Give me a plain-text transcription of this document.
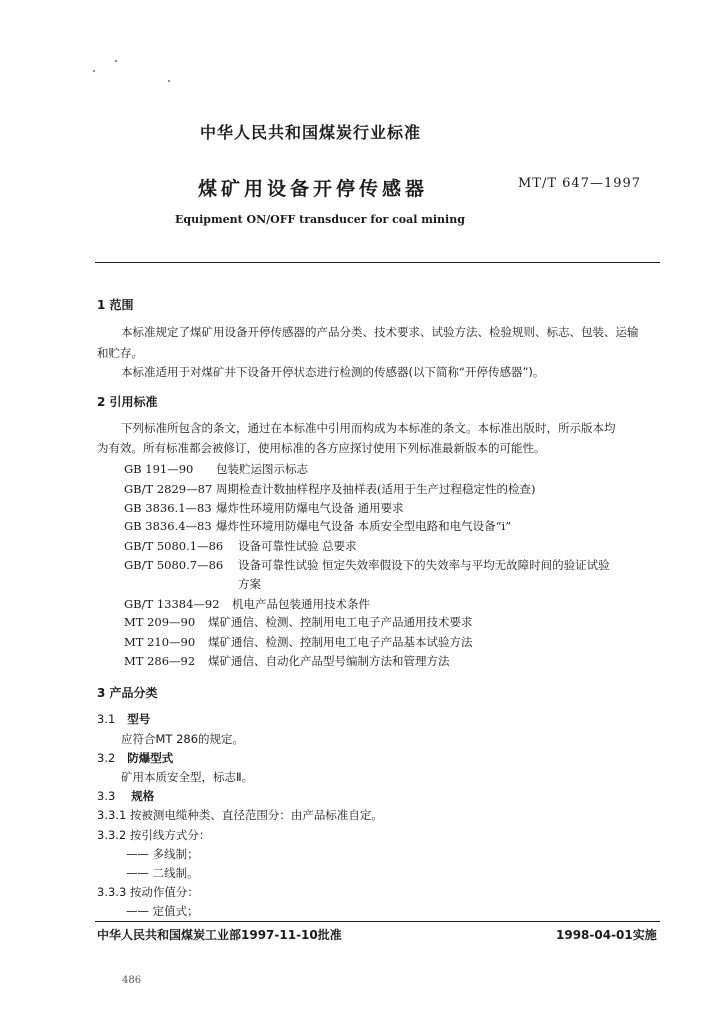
中华人民共和国煤炭行业标准
煤矿用设备开停传感器	MT/T 647—1997
Equipment ON/OFF transducer for coal mining
1 范围
本标准规定了煤矿用设备开停传感器的产品分类、技术要求、试验方法、检验规则、标志、包装、运输
和贮存。
本标准适用于对煤矿井下设备开停状态进行检测的传感器(以下简称“开停传感器”)。
2 引用标准
下列标准所包含的条文，通过在本标准中引用而构成为本标准的条文。本标准出版时，所示版本均
为有效。所有标准都会被修订，使用标准的各方应探讨使用下列标准最新版本的可能性。
GB 191—90 包装贮运图示标志
GB/T 2829—87 周期检查计数抽样程序及抽样表(适用于生产过程稳定性的检查)
GB 3836.1—83 爆炸性环境用防爆电气设备 通用要求
GB 3836.4—83 爆炸性环境用防爆电气设备 本质安全型电路和电气设备“i”
GB/T 5080.1—86 设备可靠性试验 总要求
GB/T 5080.7—86 设备可靠性试验 恒定失效率假设下的失效率与平均无故障时间的验证试验
方案
GB/T 13384—92 机电产品包装通用技术条件
MT 209—90 煤矿通信、检测、控制用电工电子产品通用技术要求
MT 210—90 煤矿通信、检测、控制用电工电子产品基本试验方法
MT 286—92 煤矿通信、自动化产品型号编制方法和管理方法
3 产品分类
3.1 型号
应符合MT 286的规定。
3.2 防爆型式
矿用本质安全型，标志Ⅱ。
3.3 规格
3.3.1 按被测电缆种类、直径范围分：由产品标准自定。
3.3.2 按引线方式分：
—— 多线制；
—— 二线制。
3.3.3 按动作值分：
—— 定值式；
中华人民共和国煤炭工业部1997-11-10批准	1998-04-01实施
486
